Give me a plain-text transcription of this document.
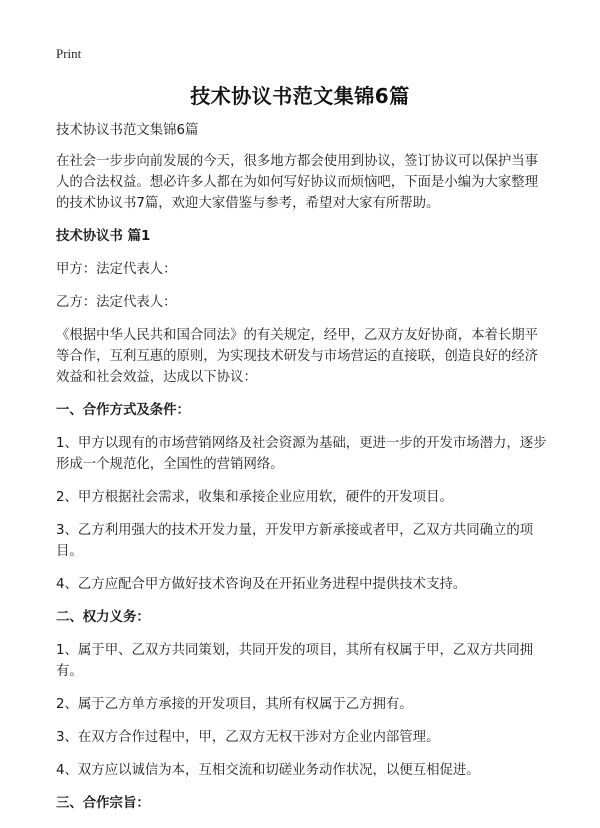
Print
技术协议书范文集锦6篇

技术协议书范文集锦6篇

在社会一步步向前发展的今天，很多地方都会使用到协议，签订协议可以保护当事人的合法权益。想必许多人都在为如何写好协议而烦恼吧，下面是小编为大家整理的技术协议书7篇，欢迎大家借鉴与参考，希望对大家有所帮助。

技术协议书 篇1

甲方：法定代表人：

乙方：法定代表人：

《根据中华人民共和国合同法》的有关规定，经甲，乙双方友好协商，本着长期平等合作，互利互惠的原则，为实现技术研发与市场营运的直接联，创造良好的经济效益和社会效益，达成以下协议：

一、合作方式及条件：

1、甲方以现有的市场营销网络及社会资源为基础，更进一步的开发市场潜力，逐步形成一个规范化，全国性的营销网络。

2、甲方根据社会需求，收集和承接企业应用软，硬件的开发项目。

3、乙方利用强大的技术开发力量，开发甲方新承接或者甲，乙双方共同确立的项目。

4、乙方应配合甲方做好技术咨询及在开拓业务进程中提供技术支持。

二、权力义务：

1、属于甲、乙双方共同策划，共同开发的项目，其所有权属于甲，乙双方共同拥有。

2、属于乙方单方承接的开发项目，其所有权属于乙方拥有。

3、在双方合作过程中，甲，乙双方无权干涉对方企业内部管理。

4、双方应以诚信为本，互相交流和切磋业务动作状况，以便互相促进。

三、合作宗旨：
